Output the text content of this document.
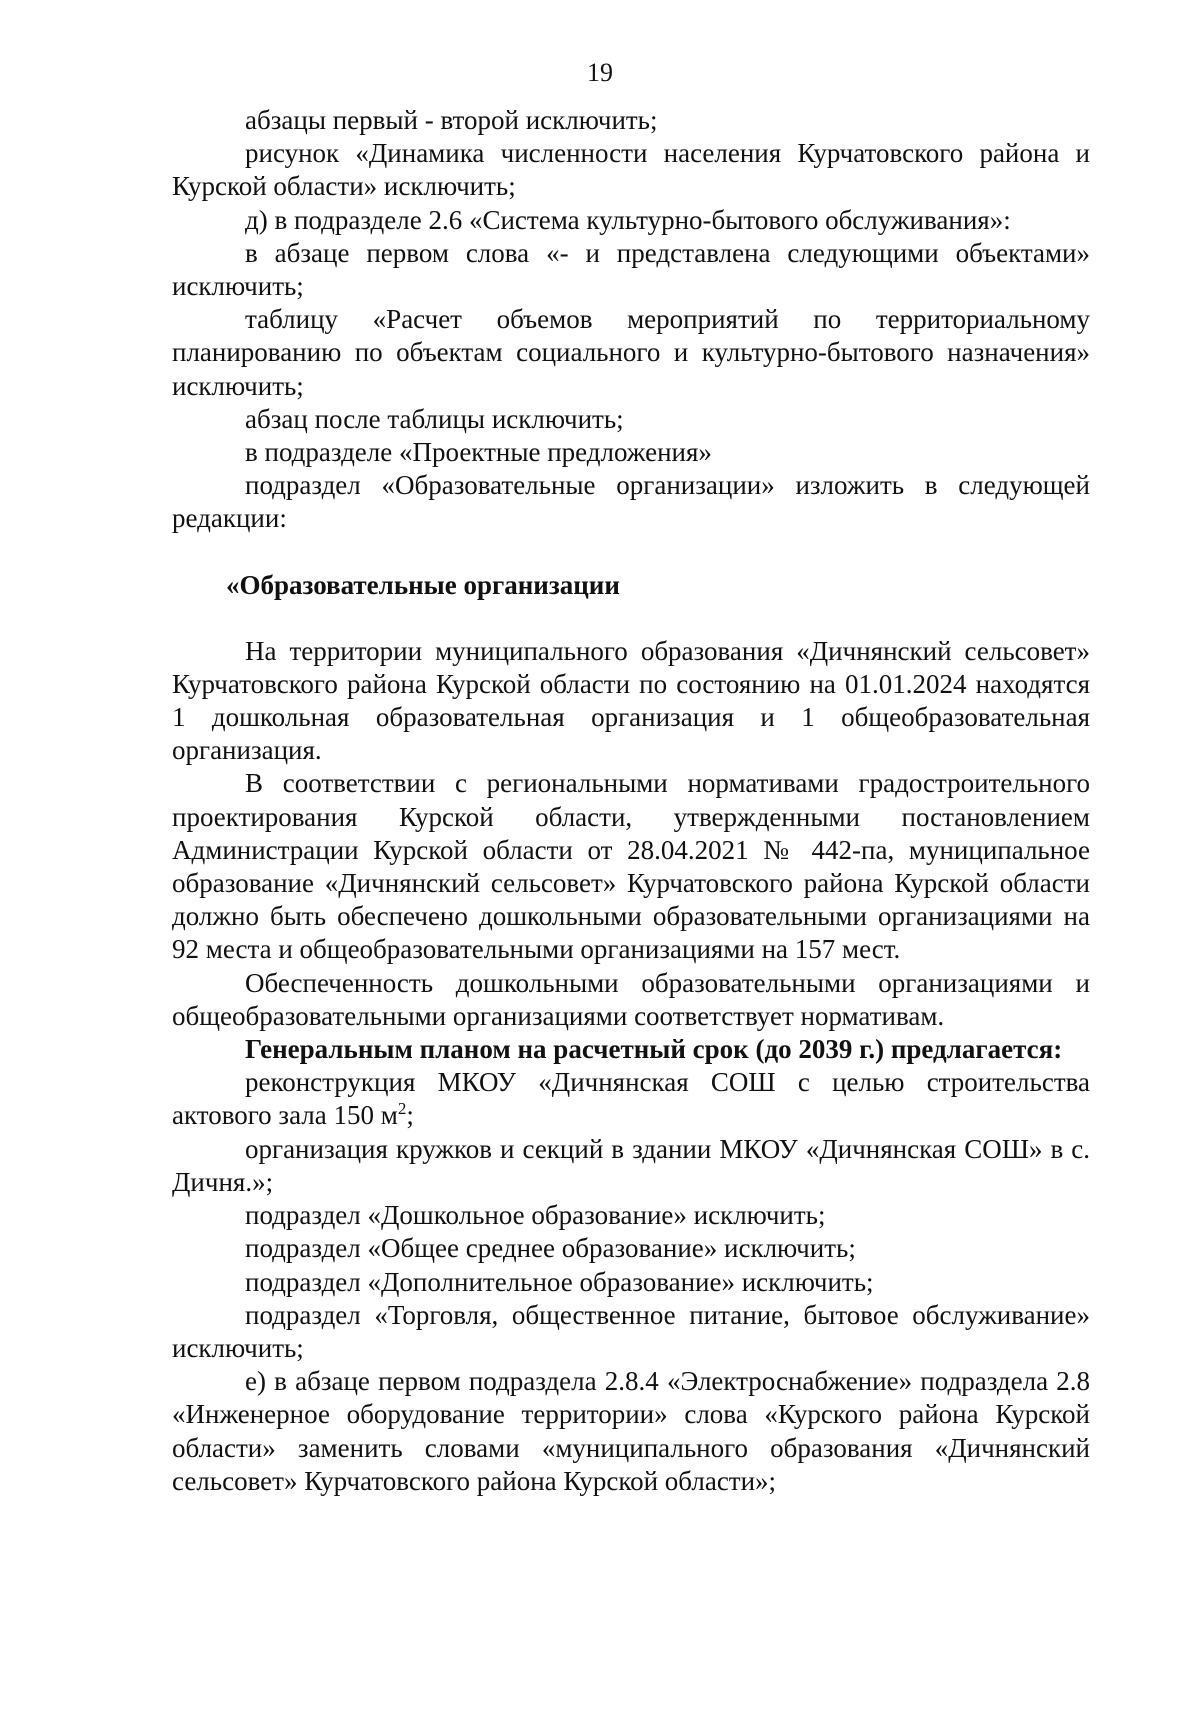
19

абзацы первый - второй исключить;

рисунок «Динамика численности населения Курчатовского района и Курской области» исключить;

д) в подразделе 2.6 «Система культурно-бытового обслуживания»:

в абзаце первом слова «- и представлена следующими объектами» исключить;

таблицу «Расчет объемов мероприятий по территориальному планированию по объектам социального и культурно-бытового назначения» исключить;

абзац после таблицы исключить;

в подразделе «Проектные предложения»

подраздел «Образовательные организации» изложить в следующей редакции:

«Образовательные организации

На территории муниципального образования «Дичнянский сельсовет» Курчатовского района Курской области по состоянию на 01.01.2024 находятся 1 дошкольная образовательная организация и 1 общеобразовательная организация.

В соответствии с региональными нормативами градостроительного проектирования Курской области, утвержденными постановлением Администрации Курской области от 28.04.2021 № 442-па, муниципальное образование «Дичнянский сельсовет» Курчатовского района Курской области должно быть обеспечено дошкольными образовательными организациями на 92 места и общеобразовательными организациями на 157 мест.

Обеспеченность дошкольными образовательными организациями и общеобразовательными организациями соответствует нормативам.

Генеральным планом на расчетный срок (до 2039 г.) предлагается:

реконструкция МКОУ «Дичнянская СОШ с целью строительства актового зала 150 $м^2$;

организация кружков и секций в здании МКОУ «Дичнянская СОШ» в с. Дичня.»;

подраздел «Дошкольное образование» исключить;

подраздел «Общее среднее образование» исключить;

подраздел «Дополнительное образование» исключить;

подраздел «Торговля, общественное питание, бытовое обслуживание» исключить;

е) в абзаце первом подраздела 2.8.4 «Электроснабжение» подраздела 2.8 «Инженерное оборудование территории» слова «Курского района Курской области» заменить словами «муниципального образования «Дичнянский сельсовет» Курчатовского района Курской области»;
